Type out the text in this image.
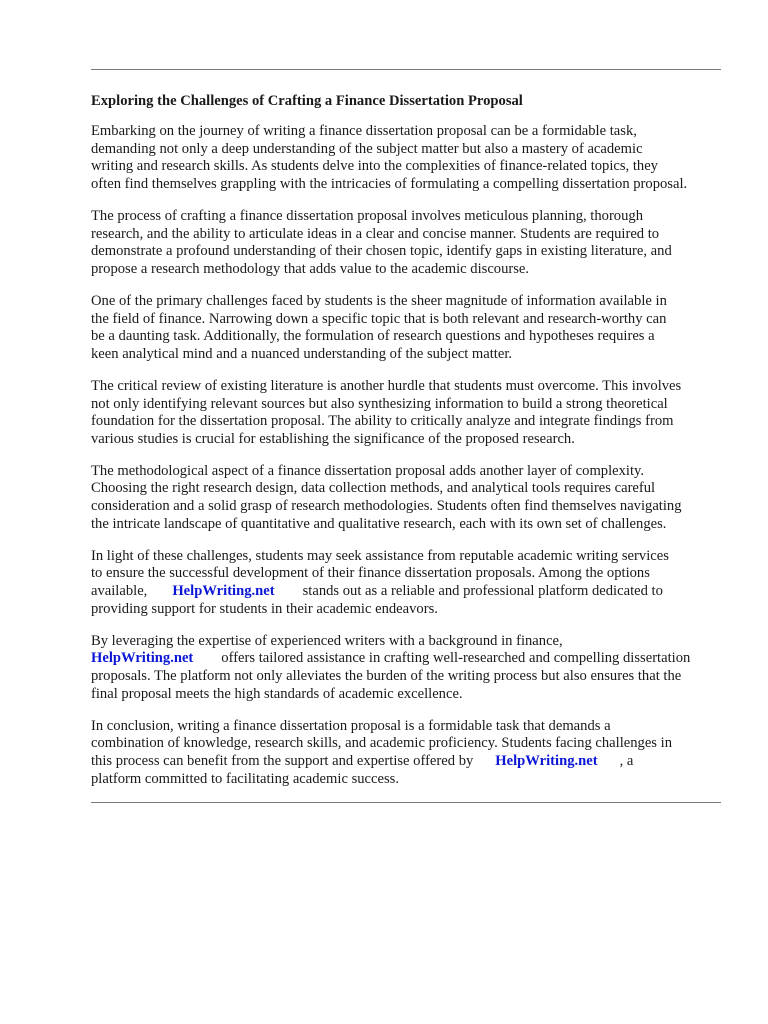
Exploring the Challenges of Crafting a Finance Dissertation Proposal
Embarking on the journey of writing a finance dissertation proposal can be a formidable task,
demanding not only a deep understanding of the subject matter but also a mastery of academic
writing and research skills. As students delve into the complexities of finance-related topics, they
often find themselves grappling with the intricacies of formulating a compelling dissertation proposal.
The process of crafting a finance dissertation proposal involves meticulous planning, thorough
research, and the ability to articulate ideas in a clear and concise manner. Students are required to
demonstrate a profound understanding of their chosen topic, identify gaps in existing literature, and
propose a research methodology that adds value to the academic discourse.
One of the primary challenges faced by students is the sheer magnitude of information available in
the field of finance. Narrowing down a specific topic that is both relevant and research-worthy can
be a daunting task. Additionally, the formulation of research questions and hypotheses requires a
keen analytical mind and a nuanced understanding of the subject matter.
The critical review of existing literature is another hurdle that students must overcome. This involves
not only identifying relevant sources but also synthesizing information to build a strong theoretical
foundation for the dissertation proposal. The ability to critically analyze and integrate findings from
various studies is crucial for establishing the significance of the proposed research.
The methodological aspect of a finance dissertation proposal adds another layer of complexity.
Choosing the right research design, data collection methods, and analytical tools requires careful
consideration and a solid grasp of research methodologies. Students often find themselves navigating
the intricate landscape of quantitative and qualitative research, each with its own set of challenges.
In light of these challenges, students may seek assistance from reputable academic writing services
to ensure the successful development of their finance dissertation proposals. Among the options
available, HelpWriting.net stands out as a reliable and professional platform dedicated to
providing support for students in their academic endeavors.
By leveraging the expertise of experienced writers with a background in finance,
HelpWriting.net offers tailored assistance in crafting well-researched and compelling dissertation
proposals. The platform not only alleviates the burden of the writing process but also ensures that the
final proposal meets the high standards of academic excellence.
In conclusion, writing a finance dissertation proposal is a formidable task that demands a
combination of knowledge, research skills, and academic proficiency. Students facing challenges in
this process can benefit from the support and expertise offered by HelpWriting.net , a
platform committed to facilitating academic success.
